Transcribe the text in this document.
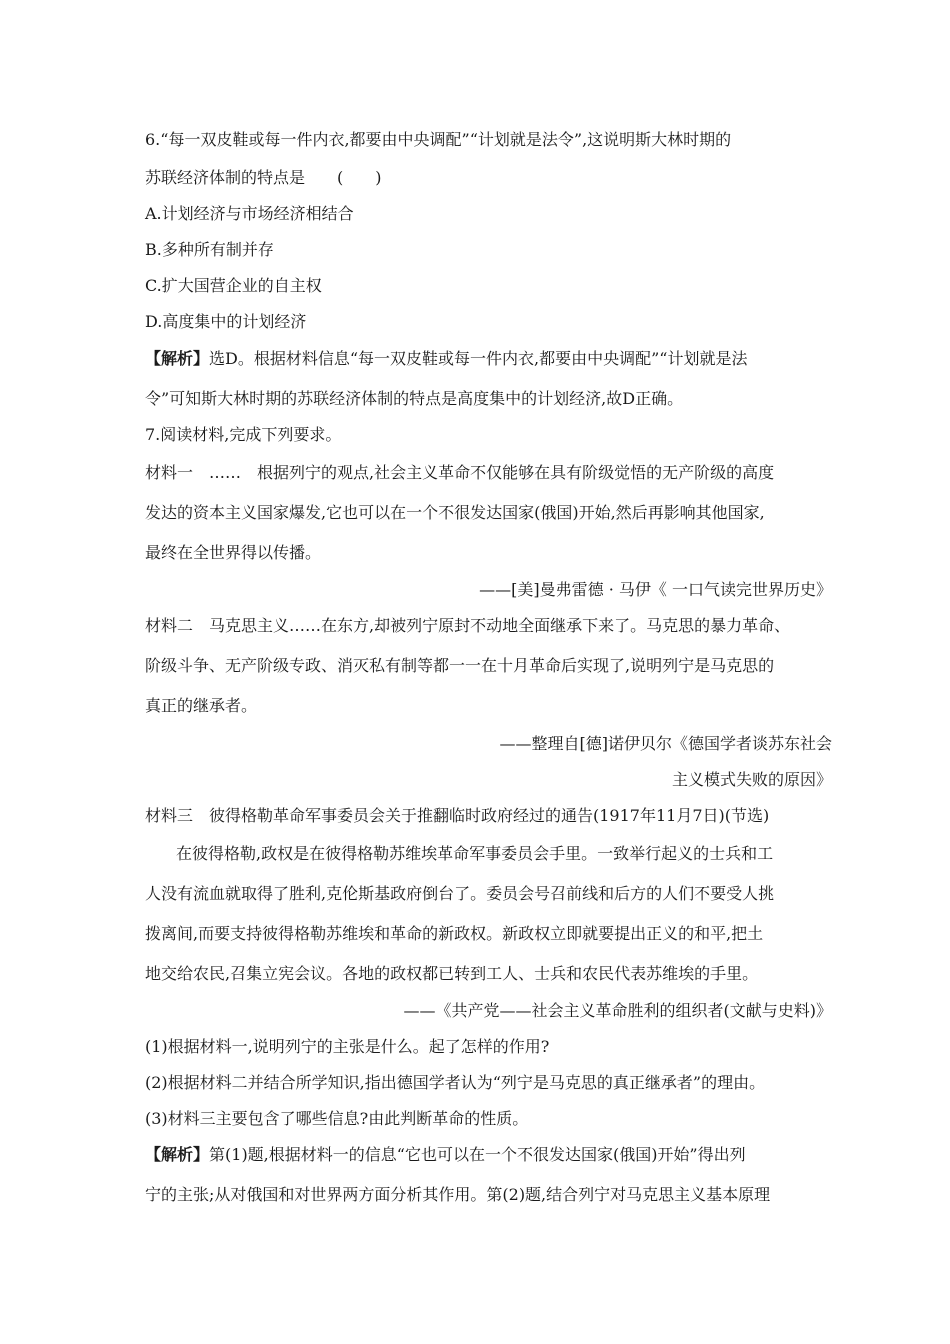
6.“每一双皮鞋或每一件内衣,都要由中央调配”“计划就是法令”,这说明斯大林时期的
苏联经济体制的特点是　　(　　)
A.计划经济与市场经济相结合
B.多种所有制并存
C.扩大国营企业的自主权
D.高度集中的计划经济
【解析】选D。根据材料信息“每一双皮鞋或每一件内衣,都要由中央调配”“计划就是法
令”可知斯大林时期的苏联经济体制的特点是高度集中的计划经济,故D正确。
7.阅读材料,完成下列要求。
材料一　……　根据列宁的观点,社会主义革命不仅能够在具有阶级觉悟的无产阶级的高度
发达的资本主义国家爆发,它也可以在一个不很发达国家(俄国)开始,然后再影响其他国家,
最终在全世界得以传播。
——[美]曼弗雷德 · 马伊《 一口气读完世界历史》
材料二　马克思主义……在东方,却被列宁原封不动地全面继承下来了。马克思的暴力革命、
阶级斗争、无产阶级专政、消灭私有制等都一一在十月革命后实现了,说明列宁是马克思的
真正的继承者。
——整理自[德]诺伊贝尔《德国学者谈苏东社会
主义模式失败的原因》
材料三　彼得格勒革命军事委员会关于推翻临时政府经过的通告(1917年11月7日)(节选)
在彼得格勒,政权是在彼得格勒苏维埃革命军事委员会手里。一致举行起义的士兵和工
人没有流血就取得了胜利,克伦斯基政府倒台了。委员会号召前线和后方的人们不要受人挑
拨离间,而要支持彼得格勒苏维埃和革命的新政权。新政权立即就要提出正义的和平,把土
地交给农民,召集立宪会议。各地的政权都已转到工人、士兵和农民代表苏维埃的手里。
——《共产党——社会主义革命胜利的组织者(文献与史料)》
(1)根据材料一,说明列宁的主张是什么。起了怎样的作用?
(2)根据材料二并结合所学知识,指出德国学者认为“列宁是马克思的真正继承者”的理由。
(3)材料三主要包含了哪些信息?由此判断革命的性质。
【解析】第(1)题,根据材料一的信息“它也可以在一个不很发达国家(俄国)开始”得出列
宁的主张;从对俄国和对世界两方面分析其作用。第(2)题,结合列宁对马克思主义基本原理
